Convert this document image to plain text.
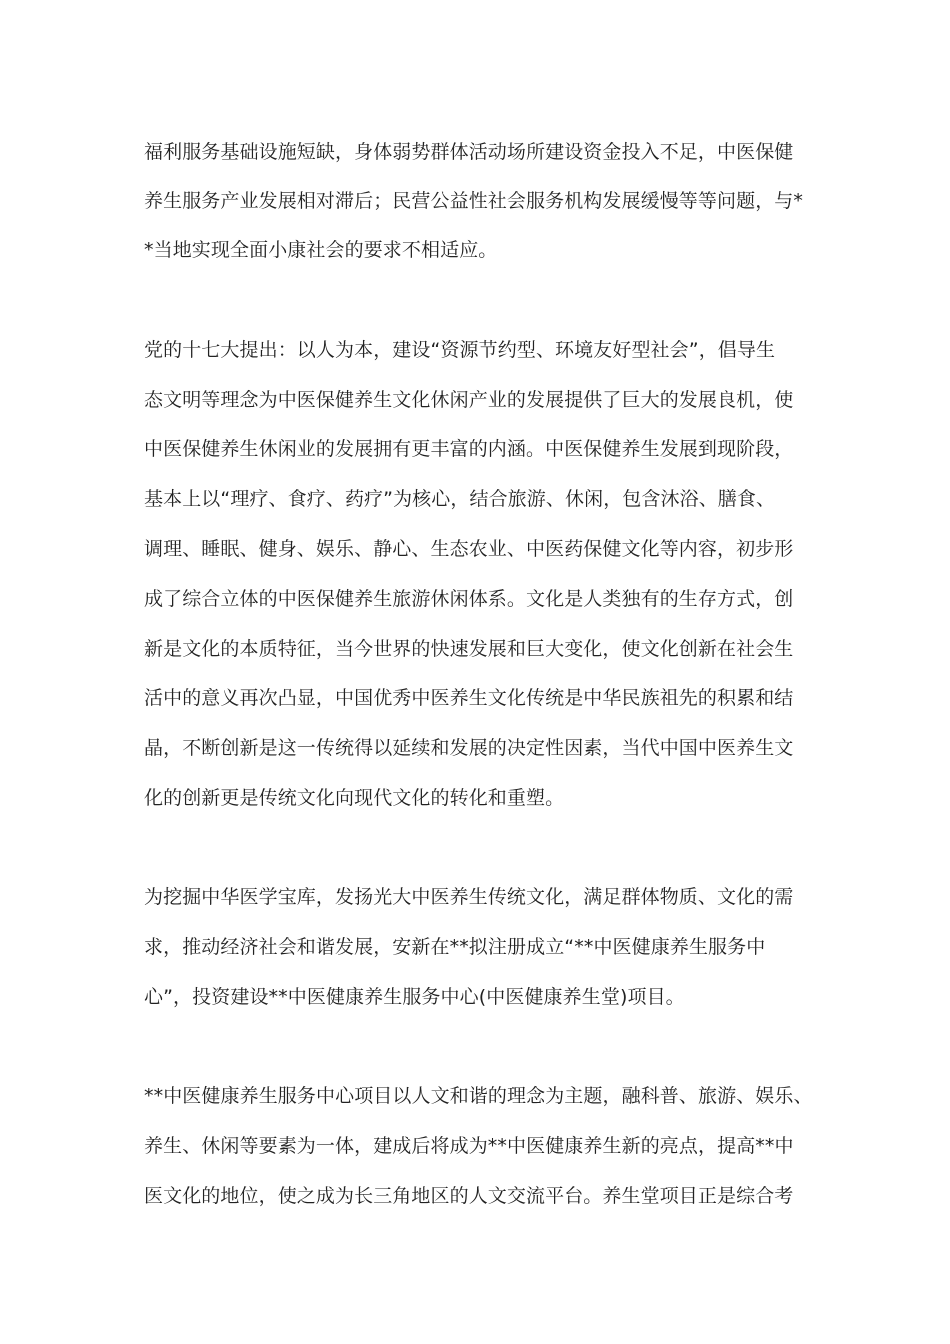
福利服务基础设施短缺，身体弱势群体活动场所建设资金投入不足，中医保健
养生服务产业发展相对滞后；民营公益性社会服务机构发展缓慢等等问题，与*
*当地实现全面小康社会的要求不相适应。
党的十七大提出：以人为本，建设“资源节约型、环境友好型社会”，倡导生
态文明等理念为中医保健养生文化休闲产业的发展提供了巨大的发展良机，使
中医保健养生休闲业的发展拥有更丰富的内涵。中医保健养生发展到现阶段，
基本上以“理疗、食疗、药疗”为核心，结合旅游、休闲，包含沐浴、膳食、
调理、睡眠、健身、娱乐、静心、生态农业、中医药保健文化等内容，初步形
成了综合立体的中医保健养生旅游休闲体系。文化是人类独有的生存方式，创
新是文化的本质特征，当今世界的快速发展和巨大变化，使文化创新在社会生
活中的意义再次凸显，中国优秀中医养生文化传统是中华民族祖先的积累和结
晶，不断创新是这一传统得以延续和发展的决定性因素，当代中国中医养生文
化的创新更是传统文化向现代文化的转化和重塑。
为挖掘中华医学宝库，发扬光大中医养生传统文化，满足群体物质、文化的需
求，推动经济社会和谐发展，安新在**拟注册成立“**中医健康养生服务中
心”，投资建设**中医健康养生服务中心(中医健康养生堂)项目。
**中医健康养生服务中心项目以人文和谐的理念为主题，融科普、旅游、娱乐、
养生、休闲等要素为一体，建成后将成为**中医健康养生新的亮点，提高**中
医文化的地位，使之成为长三角地区的人文交流平台。养生堂项目正是综合考
